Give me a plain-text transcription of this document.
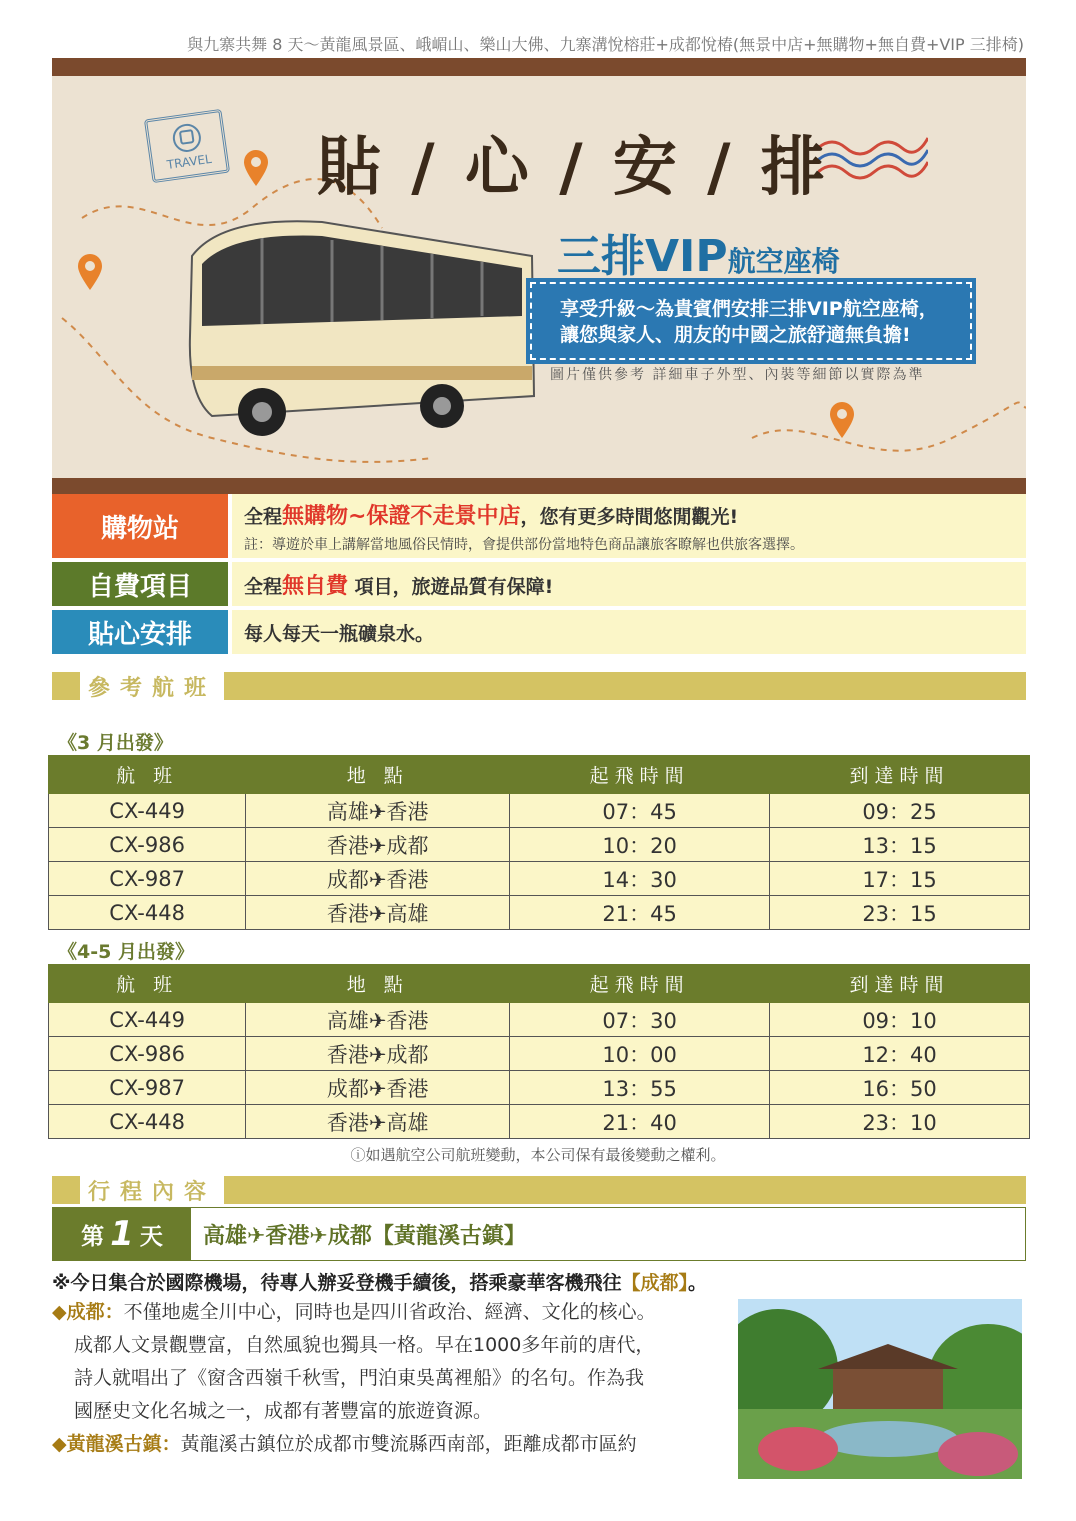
與九寨共舞 8 天～黃龍風景區、峨嵋山、樂山大佛、九寨溝悅榕莊+成都悅椿(無景中店+無購物+無自費+VIP 三排椅)
TRAVEL 貼 / 心 / 安 / 排
三排VIP航空座椅
享受升級～為貴賓們安排三排VIP航空座椅，
讓您與家人、朋友的中國之旅舒適無負擔!
圖片僅供參考 詳細車子外型、內裝等細節以實際為準
購物站	全程無購物~保證不走景中店，您有更多時間悠閒觀光!
註：導遊於車上講解當地風俗民情時，會提供部份當地特色商品讓旅客瞭解也供旅客選擇。
自費項目	全程無自費 項目，旅遊品質有保障!
貼心安排	每人每天一瓶礦泉水。
參考航班
《3 月出發》
航 班	地 點	起飛時間	到達時間
CX-449	高雄✈香港	07：45	09：25
CX-986	香港✈成都	10：20	13：15
CX-987	成都✈香港	14：30	17：15
CX-448	香港✈高雄	21：45	23：15
《4-5 月出發》
航 班	地 點	起飛時間	到達時間
CX-449	高雄✈香港	07：30	09：10
CX-986	香港✈成都	10：00	12：40
CX-987	成都✈香港	13：55	16：50
CX-448	香港✈高雄	21：40	23：10
ⓘ如遇航空公司航班變動，本公司保有最後變動之權利。
行程內容
第 1 天	高雄✈香港✈成都【黃龍溪古鎮】
※今日集合於國際機場，待專人辦妥登機手續後，搭乘豪華客機飛往【成都】。

◆成都：不僅地處全川中心，同時也是四川省政治、經濟、文化的核心。

成都人文景觀豐富，自然風貌也獨具一格。早在1000多年前的唐代，

詩人就唱出了《窗含西嶺千秋雪，門泊東吳萬裡船》的名句。作為我

國歷史文化名城之一，成都有著豐富的旅遊資源。

◆黃龍溪古鎮：黃龍溪古鎮位於成都市雙流縣西南部，距離成都市區約
